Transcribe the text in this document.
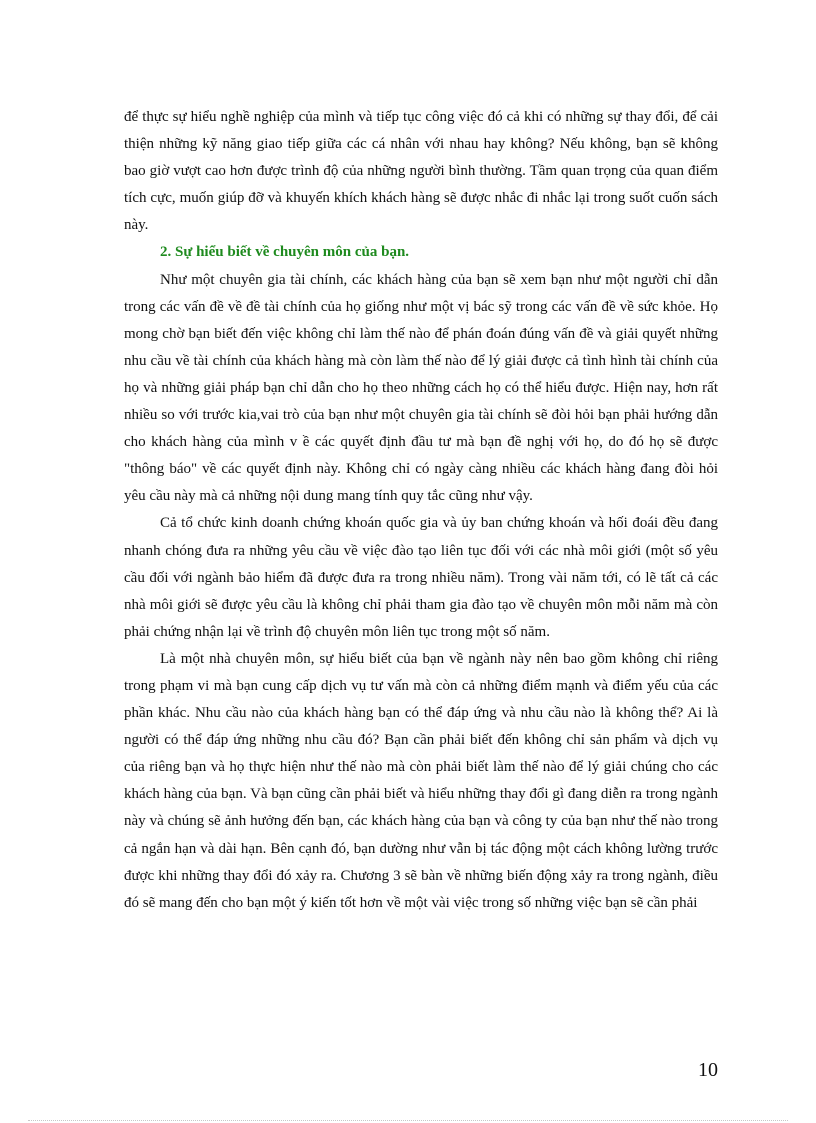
để thực sự hiểu nghề nghiệp của mình và tiếp tục công việc đó cả khi có những sự thay đổi, để cải thiện những kỹ năng giao tiếp giữa các cá nhân với nhau hay không? Nếu không, bạn sẽ không bao giờ vượt cao hơn được trình độ của những người bình thường. Tầm quan trọng của quan điểm tích cực, muốn giúp đỡ và khuyến khích khách hàng sẽ được nhắc đi nhắc lại trong suốt cuốn sách này.

2. Sự hiểu biết về chuyên môn của bạn.

Như một chuyên gia tài chính, các khách hàng của bạn sẽ xem bạn như một người chỉ dẫn trong các vấn đề về đề tài chính của họ giống như một vị bác sỹ trong các vấn đề về sức khỏe. Họ mong chờ bạn biết đến việc không chỉ làm thế nào để phán đoán đúng vấn đề và giải quyết những nhu cầu về tài chính của khách hàng mà còn làm thế nào để lý giải được cả tình hình tài chính của họ và những giải pháp bạn chỉ dẫn cho họ theo những cách họ có thể hiểu được. Hiện nay, hơn rất nhiều so với trước kia,vai trò của bạn như một chuyên gia tài chính sẽ đòi hỏi bạn phải hướng dẫn cho khách hàng của mình v ề các quyết định đầu tư mà bạn đề nghị với họ, do đó họ sẽ được "thông báo" về các quyết định này. Không chỉ có ngày càng nhiều các khách hàng đang đòi hỏi yêu cầu này mà cả những nội dung mang tính quy tắc cũng như vậy.

Cả tổ chức kinh doanh chứng khoán quốc gia và ủy ban chứng khoán và hối đoái đều đang nhanh chóng đưa ra những yêu cầu về việc đào tạo liên tục đối với các nhà môi giới (một số yêu cầu đối với ngành bảo hiểm đã được đưa ra trong nhiều năm). Trong vài năm tới, có lẽ tất cả các nhà môi giới sẽ được yêu cầu là không chỉ phải tham gia đào tạo về chuyên môn mỗi năm mà còn phải chứng nhận lại về trình độ chuyên môn liên tục trong một số năm.

Là một nhà chuyên môn, sự hiểu biết của bạn về ngành này nên bao gồm không chỉ riêng trong phạm vi mà bạn cung cấp dịch vụ tư vấn mà còn cả những điểm mạnh và điểm yếu của các phần khác. Nhu cầu nào của khách hàng bạn có thể đáp ứng và nhu cầu nào là không thể? Ai là người có thể đáp ứng những nhu cầu đó? Bạn cần phải biết đến không chỉ sản phẩm và dịch vụ của riêng bạn và họ thực hiện như thế nào mà còn phải biết làm thế nào để lý giải chúng cho các khách hàng của bạn. Và bạn cũng cần phải biết và hiểu những thay đổi gì đang diễn ra trong ngành này và chúng sẽ ảnh hưởng đến bạn, các khách hàng của bạn và công ty của bạn như thế nào trong cả ngắn hạn và dài hạn. Bên cạnh đó, bạn dường như vẫn bị tác động một cách không lường trước được khi những thay đổi đó xảy ra. Chương 3 sẽ bàn về những biến động xảy ra trong ngành, điều đó sẽ mang đến cho bạn một ý kiến tốt hơn về một vài việc trong số những việc bạn sẽ cần phải

10
